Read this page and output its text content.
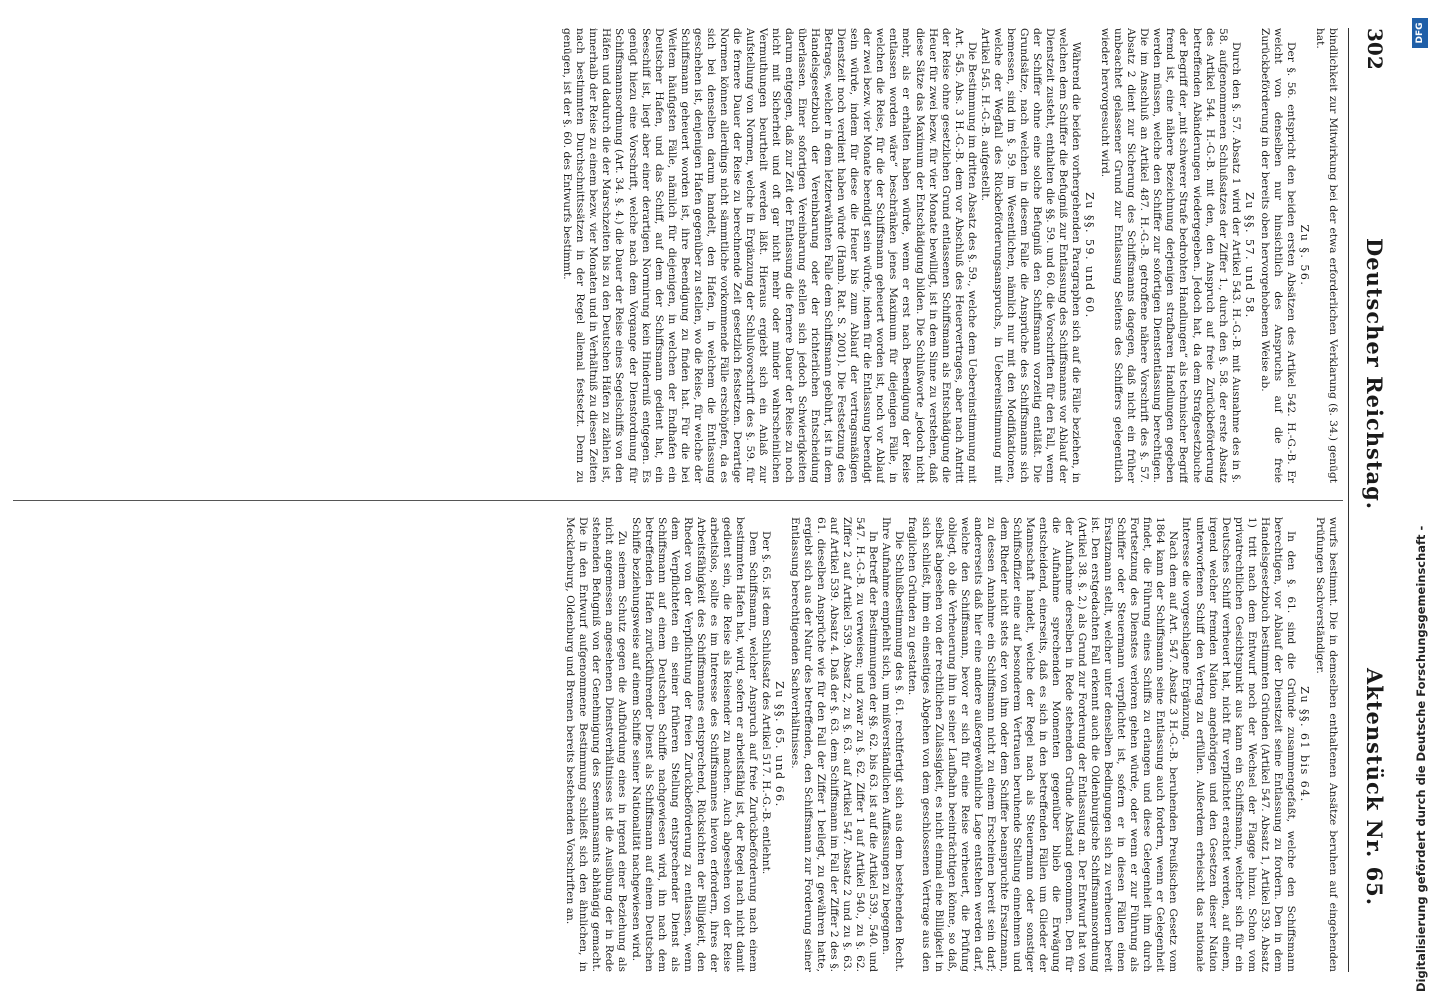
302
Deutscher Reichstag.
Aktenstück Nr. 65.

bindlichkeit zur Mitwirkung bei der etwa erforderlichen Verklarung (§. 34.) genügt hat.

Zu §. 56.

Der §. 56. entspricht den beiden ersten Absätzen des Artikel 542. H.-G.-B. Er weicht von denselben nur hinsichtlich des Anspruchs auf die freie Zurückbeförderung in der bereits oben hervorgehobenen Weise ab.

Zu §§. 57. und 58.

Durch den §. 57. Absatz 1 wird der Artikel 543. H.-G.-B. mit Ausnahme des in §. 58. aufgenommenen Schlußsatzes der Ziffer 1., durch den §. 58. der erste Absatz des Artikel 544. H.-G.-B. mit den, den Anspruch auf freie Zurückbeförderung betreffenden Abänderungen wiedergegeben. Jedoch hat, da dem Strafgesetzbuche der Begriff der „mit schwerer Strafe bedrohten Handlungen“ als technischer Begriff fremd ist, eine nähere Bezeichnung derjenigen strafbaren Handlungen gegeben werden müssen, welche den Schiffer zur sofortigen Dienstentlassung berechtigen. Die im Anschluß an Artikel 487. H.-G.-B. getroffene nähere Vorschrift des §. 57. Absatz 2 dient zur Sicherung des Schiffsmanns dagegen, daß nicht ein früher unbeachtet gelassener Grund zur Entlassung Seitens des Schiffers gelegentlich wieder hervorgesucht wird.

Zu §§. 59. und 60.

Während die beiden vorhergehenden Paragraphen sich auf die Fälle beziehen, in welchen dem Schiffer die Befugniß zur Entlassung des Schiffsmanns vor Ablauf der Dienstzeit zusteht, enthalten die §§. 59. und 60. die Vorschriften für den Fall, wenn der Schiffer ohne eine solche Befugniß den Schiffsmann vorzeitig entläßt. Die Grundsätze, nach welchen in diesem Falle die Ansprüche des Schiffsmanns sich bemessen, sind im §. 59. im Wesentlichen, nämlich nur mit den Modifikationen, welche der Wegfall des Rückbeförderungsanspruchs, in Uebereinstimmung mit Artikel 545. H.-G.-B. aufgestellt.

Die Bestimmung im dritten Absatz des §. 59., welche dem Uebereinstimmung mit Art. 545. Abs. 3 H.-G.-B. dem vor Abschluß des Heuervertrages, aber nach Antritt der Reise ohne gesetzlichen Grund entlassenen Schiffsmann als Entschädigung die Heuer für zwei bezw. für vier Monate bewilligt, ist in dem Sinne zu verstehen, daß diese Sätze das Maximum der Entschädigung bilden. Die Schlußworte „jedoch nicht mehr, als er erhalten haben würde, wenn er erst nach Beendigung der Reise entlassen worden wäre“ beschränken jenes Maximum für diejenigen Fälle, in welchen die Reise, für die der Schiffsmann geheuert worden ist, noch vor Ablauf der zwei bezw. vier Monate beendigt sein würde, indem für die Entlassung beendigt sein würde, indem für diese die Heuer bis zum Ablauf der vertragsmäßigen Dienstzeit noch verdient haben würde (Hamb. Rat. S. 2001). Die Festsetzung des Betrages, welcher in dem letzterwähnten Falle dem Schiffsmann gebührt, ist in dem Handelsgesetzbuch der Vereinbarung oder der richterlichen Entscheidung überlassen. Einer sofortigen Vereinbarung stellen sich jedoch Schwierigkeiten darum entgegen, daß zur Zeit der Entlassung die fernere Dauer der Reise zu noch nicht mit Sicherheit und oft gar nicht mehr oder minder wahrscheinlichen Vermuthungen beurtheilt werden läßt. Hieraus ergiebt sich ein Anlaß zur Aufstellung von Normen, welche in Ergänzung der Schlußvorschrift des §. 59. für die fernere Dauer der Reise zu berechnende Zeit gesetzlich festsetzen. Derartige Normen können allerdings nicht sämmtliche vorkommende Fälle erschöpfen, da es sich bei denselben darum handelt, den Hafen, in welchem die Entlassung geschehen ist, denjenigen Hafen gegenüber zu stellen, wo die Reise, für welche der Schiffsmann geheuert worden ist, ihre Beendigung zu finden hat. Für die bei Weitem häufigsten Fälle, nämlich für diejenigen, in welchen der Endhafen ein Deutscher Hafen, und das Schiff, auf dem der Schiffsmann gedient hat, ein Seeschiff ist, liegt aber einer derartigen Normirung kein Hinderniß entgegen. Es genügt hiezu eine Vorschrift, welche nach dem Vorgange der Dienstordnung für Schiffsmannsordnung (Art. 34. §. 4.) die Dauer der Reise eines Segelschiffs von den Häfen und dadurch die der Marschzeiten bis zu den Deutschen Häfen zu zählen ist, innerhalb der Reise zu einem bezw. vier Monaten und in Verhältniß zu diesen Zeiten nach bestimmten Durchschnittssätzen in der Regel allemal festsetzt. Denn zu genügen, ist der §. 60. des Entwurfs bestimmt.

wurfs bestimmt. Die in demselben enthaltenen Ansätze beruhen auf eingehenden Prüfungen Sachverständiger.

Zu §§. 61 bis 64.

In den §. 61. sind die Gründe zusammengefaßt, welche den Schiffsmann berechtigen, vor Ablauf der Dienstzeit seine Entlassung zu fordern. Den in dem Handelsgesetzbuch bestimmten Gründen (Artikel 547. Absatz 1, Artikel 539. Absatz 1) tritt nach dem Entwurf noch der Wechsel der Flagge hinzu. Schon vom privatrechtlichen Gesichtspunkt aus kann ein Schiffsmann, welcher sich für ein Deutsches Schiff verheuert hat, nicht für verpflichtet erachtet werden, auf einem, irgend welcher fremden Nation angehörigen und den Gesetzen dieser Nation unterworfenen Schiff den Vertrag zu erfüllen. Außerdem erheischt das nationale Interesse die vorgeschlagene Ergänzung.

Nach dem auf Art. 547. Absatz 3 H.-G.-B. beruhenden Preußischen Gesetz vom 1864 kann der Schiffsmann seine Entlassung auch fordern, wenn er Gelegenheit findet, die Führung eines Schiffs zu erlangen und diese Gelegenheit ihm durch Fortsetzung des Dienstes verloren gehen würde, oder wenn er zur Führung als Schiffer oder Steuermann verpflichtet ist, sofern er in diesen Fällen einen Ersatzmann stellt, welcher unter denselben Bedingungen sich zu verheuern bereit ist. Den erstgedachten Fall erkennt auch die Oldenburgische Schiffsmannsordnung (Artikel 38. §. 2.) als Grund zur Forderung der Entlassung an. Der Entwurf hat von der Aufnahme derselben in Rede stehenden Gründe Abstand genommen. Den für die Aufnahme sprechenden Momenten gegenüber blieb die Erwägung entscheidend, einerseits, daß es sich in den betreffenden Fällen um Glieder der Mannschaft handelt, welche der Regel nach als Steuermann oder sonstiger Schiffsoffizier eine auf besonderem Vertrauen beruhende Stellung einnehmen und dem Rheder nicht stets der von ihm oder dem Schiffer beanspruchte Ersatzmann, zu dessen Annahme ein Schiffsmann nicht zu einem Erscheinen bereit sein darf; andererseits daß hier eine andere außergewöhnliche Lage entstehen werden darf, welche den Schiffsmann, bevor er sich für eine Reise verheuert, die Prüfung obliegt, ob die Verheuerung ihn in seiner Laufbahn beeinträchtigen könne, so daß, selbst abgesehen von der rechtlichen Zulässigkeit, es nicht einmal eine Billigkeit in sich schließt, ihm ein einseitiges Abgehen von dem geschlossenen Vertrage aus den fraglichen Gründen zu gestatten.

Die Schlußbestimmung des §. 61. rechtfertigt sich aus dem bestehenden Recht. Ihre Aufnahme empfiehlt sich, um mißverständlichen Auffassungen zu begegnen.

In Betreff der Bestimmungen der §§. 62. bis 63. ist auf die Artikel 539., 540. und 547. H.-G.-B. zu verweisen; und zwar zu §. 62. Ziffer 1 auf Artikel 540., zu §. 62. Ziffer 2 auf Artikel 539. Absatz 2, zu §. 63. auf Artikel 547. Absatz 2 und zu §. 63. auf Artikel 539. Absatz 4. Daß der §. 63. dem Schiffsmann im Fall der Ziffer 2 des §. 61. dieselben Ansprüche wie für den Fall der Ziffer 1 beilegt, zu gewähren hatte, ergiebt sich aus der Natur des betreffenden, den Schiffsmann zur Forderung seiner Entlassung berechtigenden Sachverhältnisses.

Zu §§. 65. und 66.

Der §. 65. ist dem Schlußsatz des Artikel 517. H.-G.-B. entlehnt.

Dem Schiffsmann, welcher Anspruch auf freie Zurückbeförderung nach einem bestimmten Hafen hat, wird, sofern er arbeitsfähig ist, der Regel nach nicht damit gedient sein, die Reise als Reisender zu machen. Auch abgesehen von der Reise arbeitslos, sollte es im Interesse des Schiffsmannes hievon erfordern, ihres der Arbeitsfähigkeit des Schiffsmannes entsprechend, Rücksichten der Billigkeit, den Rheder von der Verpflichtung der freien Zurückbeförderung zu entlassen, wenn dem Verpflichteten ein seiner früheren Stellung entsprechender Dienst als Schiffsmann auf einem Deutschen Schiffe nachgewiesen wird, ihn nach dem betreffenden Hafen zurückführender Dienst als Schiffsmann auf einem Deutschen Schiffe beziehungsweise auf einem Schiffe seiner Nationalität nachgewiesen wird.

Zu seinem Schutz gegen die Aufbürdung eines in irgend einer Beziehung als nicht angemessen angesehenen Dienstverhältnisses ist die Ausübung der in Rede stehenden Befugniß von der Genehmigung des Seemannsamts abhängig gemacht. Die in den Entwurf aufgenommene Bestimmung schließt sich den ähnlichen, in Mecklenburg, Oldenburg und Bremen bereits bestehenden Vorschriften an.	Digitalisierung gefördert durch die Deutsche Forschungsgemeinschaft -
DFG
